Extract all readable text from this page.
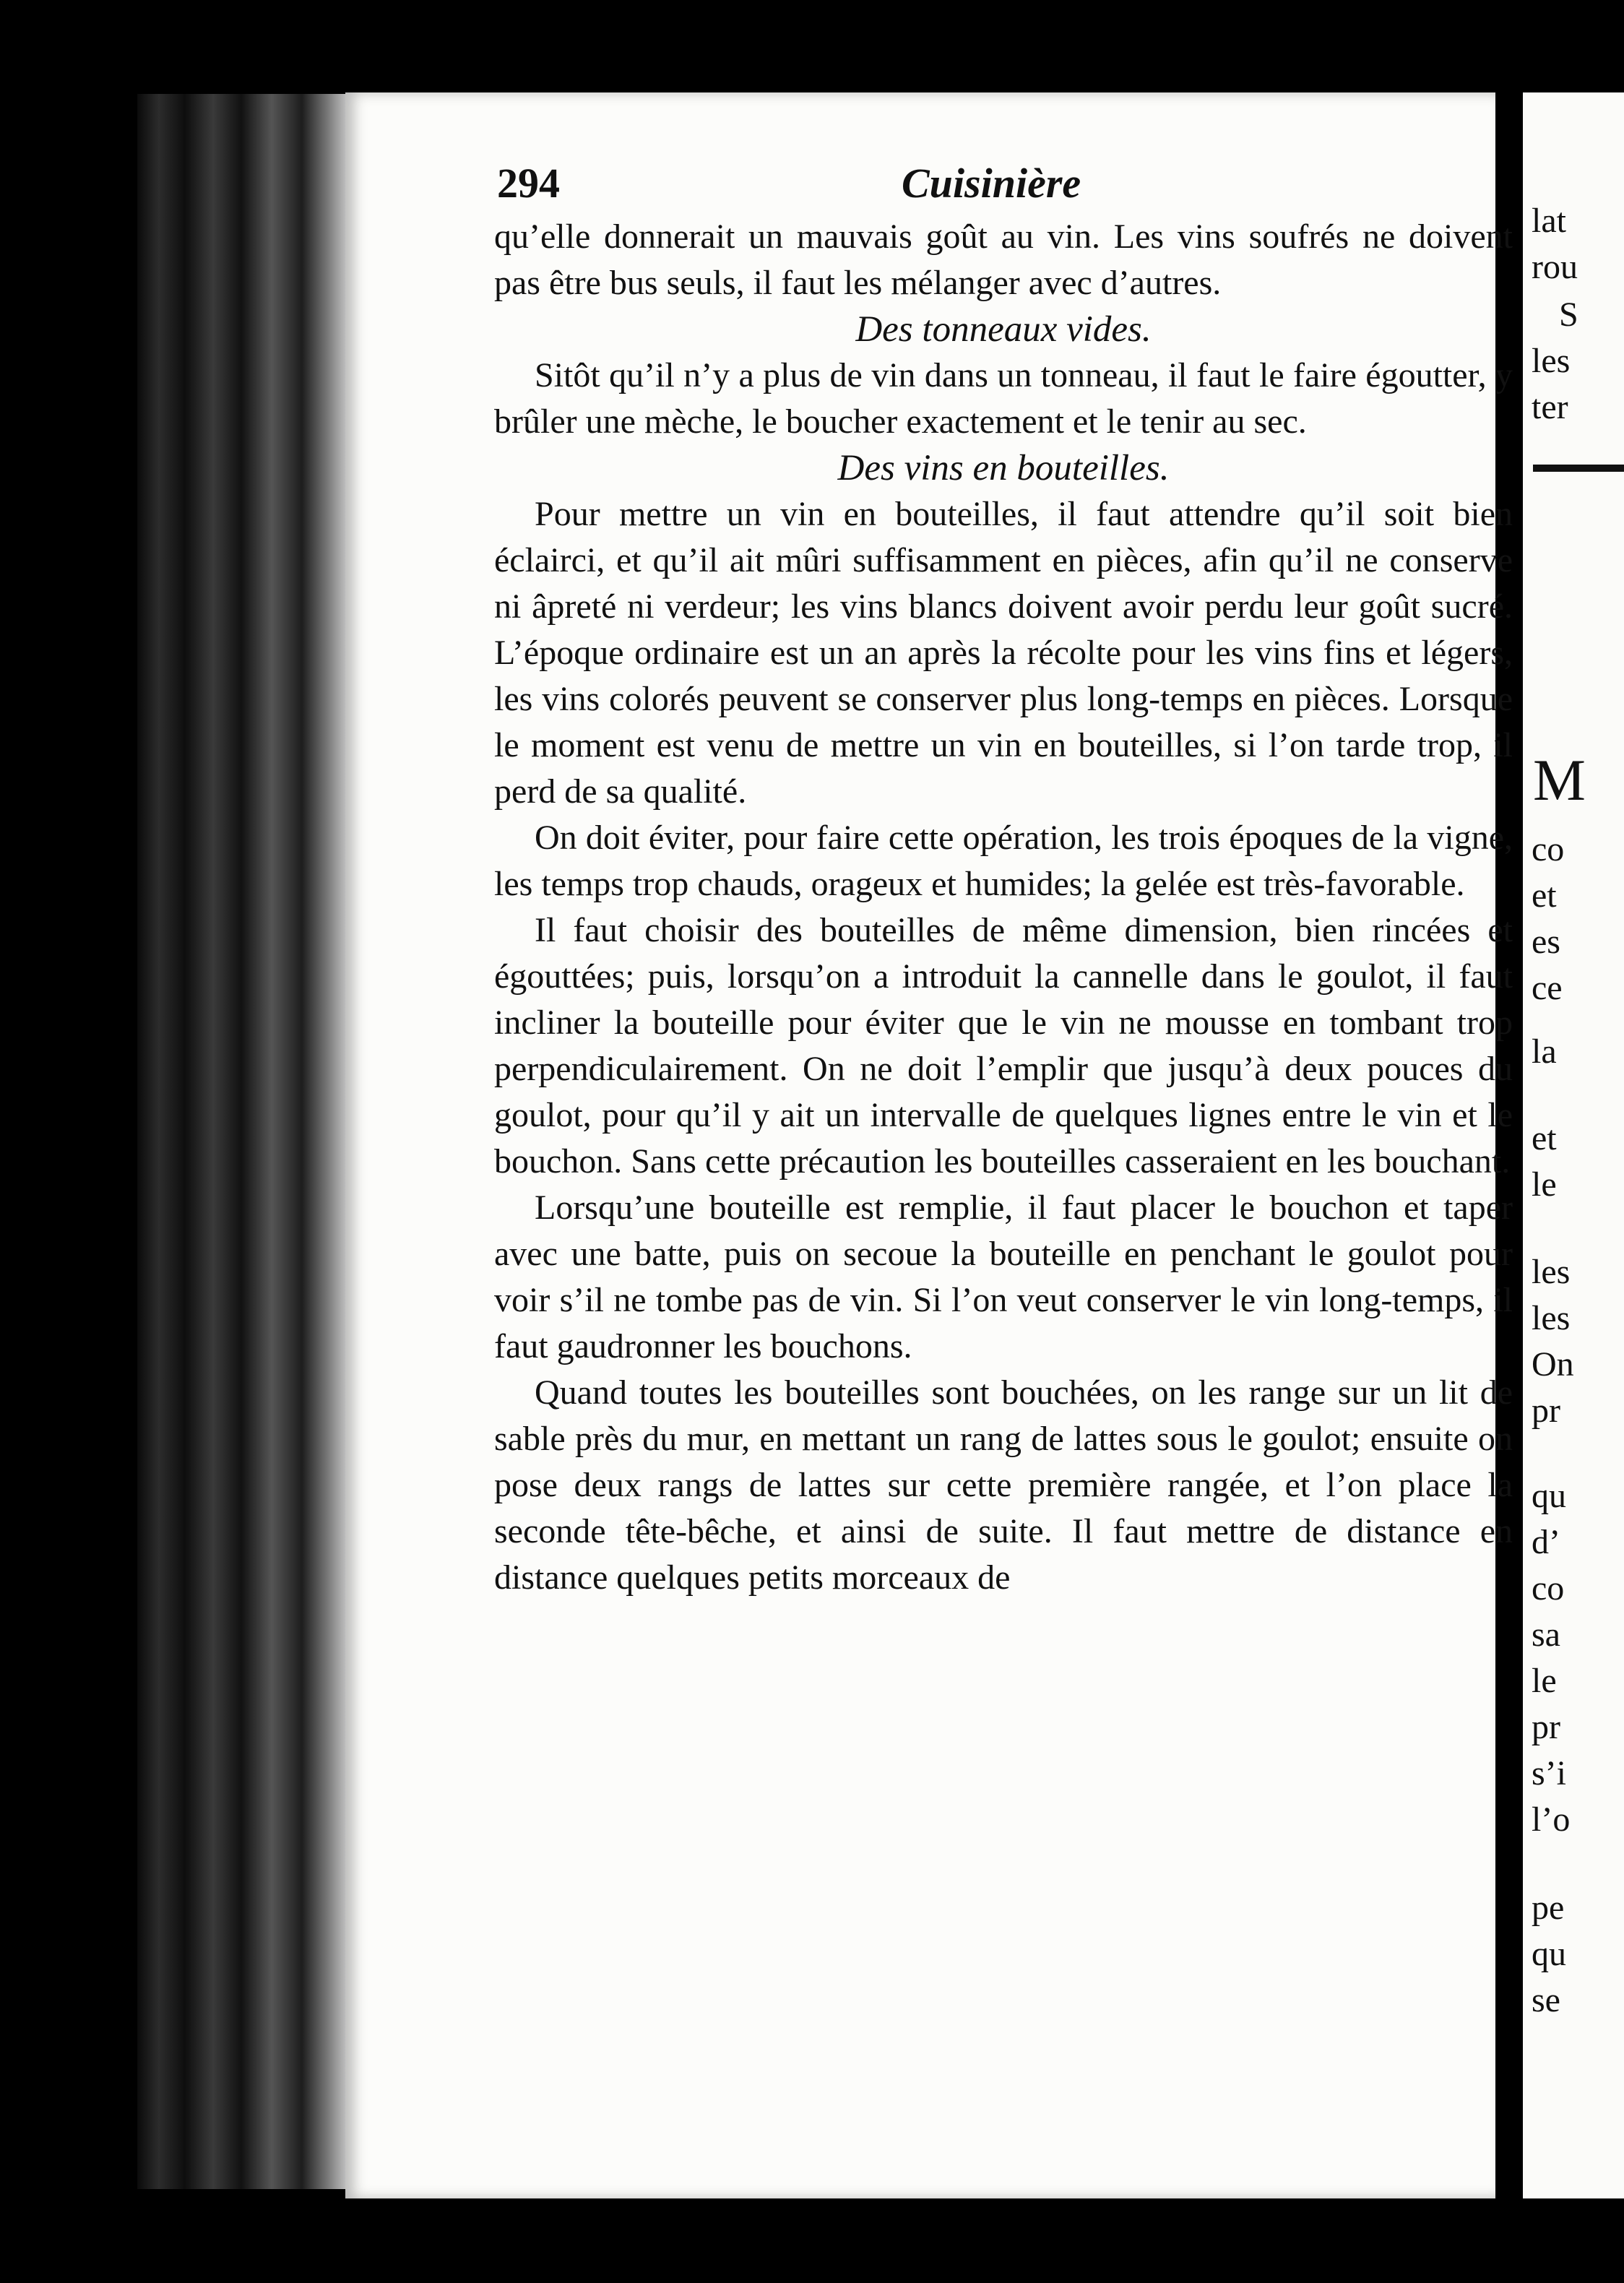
294	Cuisinière

qu’elle donnerait un mauvais goût au vin. Les vins soufrés ne doivent pas être bus seuls, il faut les mélanger avec d’autres.

Des tonneaux vides.

Sitôt qu’il n’y a plus de vin dans un tonneau, il faut le faire égoutter, y brûler une mèche, le boucher exactement et le tenir au sec.

Des vins en bouteilles.

Pour mettre un vin en bouteilles, il faut attendre qu’il soit bien éclairci, et qu’il ait mûri suffisamment en pièces, afin qu’il ne conserve ni âpreté ni verdeur; les vins blancs doivent avoir perdu leur goût sucré. L’époque ordinaire est un an après la récolte pour les vins fins et légers, les vins colorés peuvent se conserver plus long-temps en pièces. Lorsque le moment est venu de mettre un vin en bouteilles, si l’on tarde trop, il perd de sa qualité.

On doit éviter, pour faire cette opération, les trois époques de la vigne, les temps trop chauds, orageux et humides; la gelée est très-favorable.

Il faut choisir des bouteilles de même dimension, bien rincées et égouttées; puis, lorsqu’on a introduit la cannelle dans le goulot, il faut incliner la bouteille pour éviter que le vin ne mousse en tombant trop perpendiculairement. On ne doit l’emplir que jusqu’à deux pouces du goulot, pour qu’il y ait un intervalle de quelques lignes entre le vin et le bouchon. Sans cette précaution les bouteilles casseraient en les bouchant.

Lorsqu’une bouteille est remplie, il faut placer le bouchon et taper avec une batte, puis on secoue la bouteille en penchant le goulot pour voir s’il ne tombe pas de vin. Si l’on veut conserver le vin long-temps, il faut gaudronner les bouchons.

Quand toutes les bouteilles sont bouchées, on les range sur un lit de sable près du mur, en mettant un rang de lattes sous le goulot; ensuite on pose deux rangs de lattes sur cette première rangée, et l’on place la seconde tête-bêche, et ainsi de suite. Il faut mettre de distance en distance quelques petits morceaux de

lat
rou
S
les
ter
M
co
et
es
ce
la
et
le
les
les
On
pr
qu
d’
co
sa
le
pr
s’i
l’o
pe
qu
se
